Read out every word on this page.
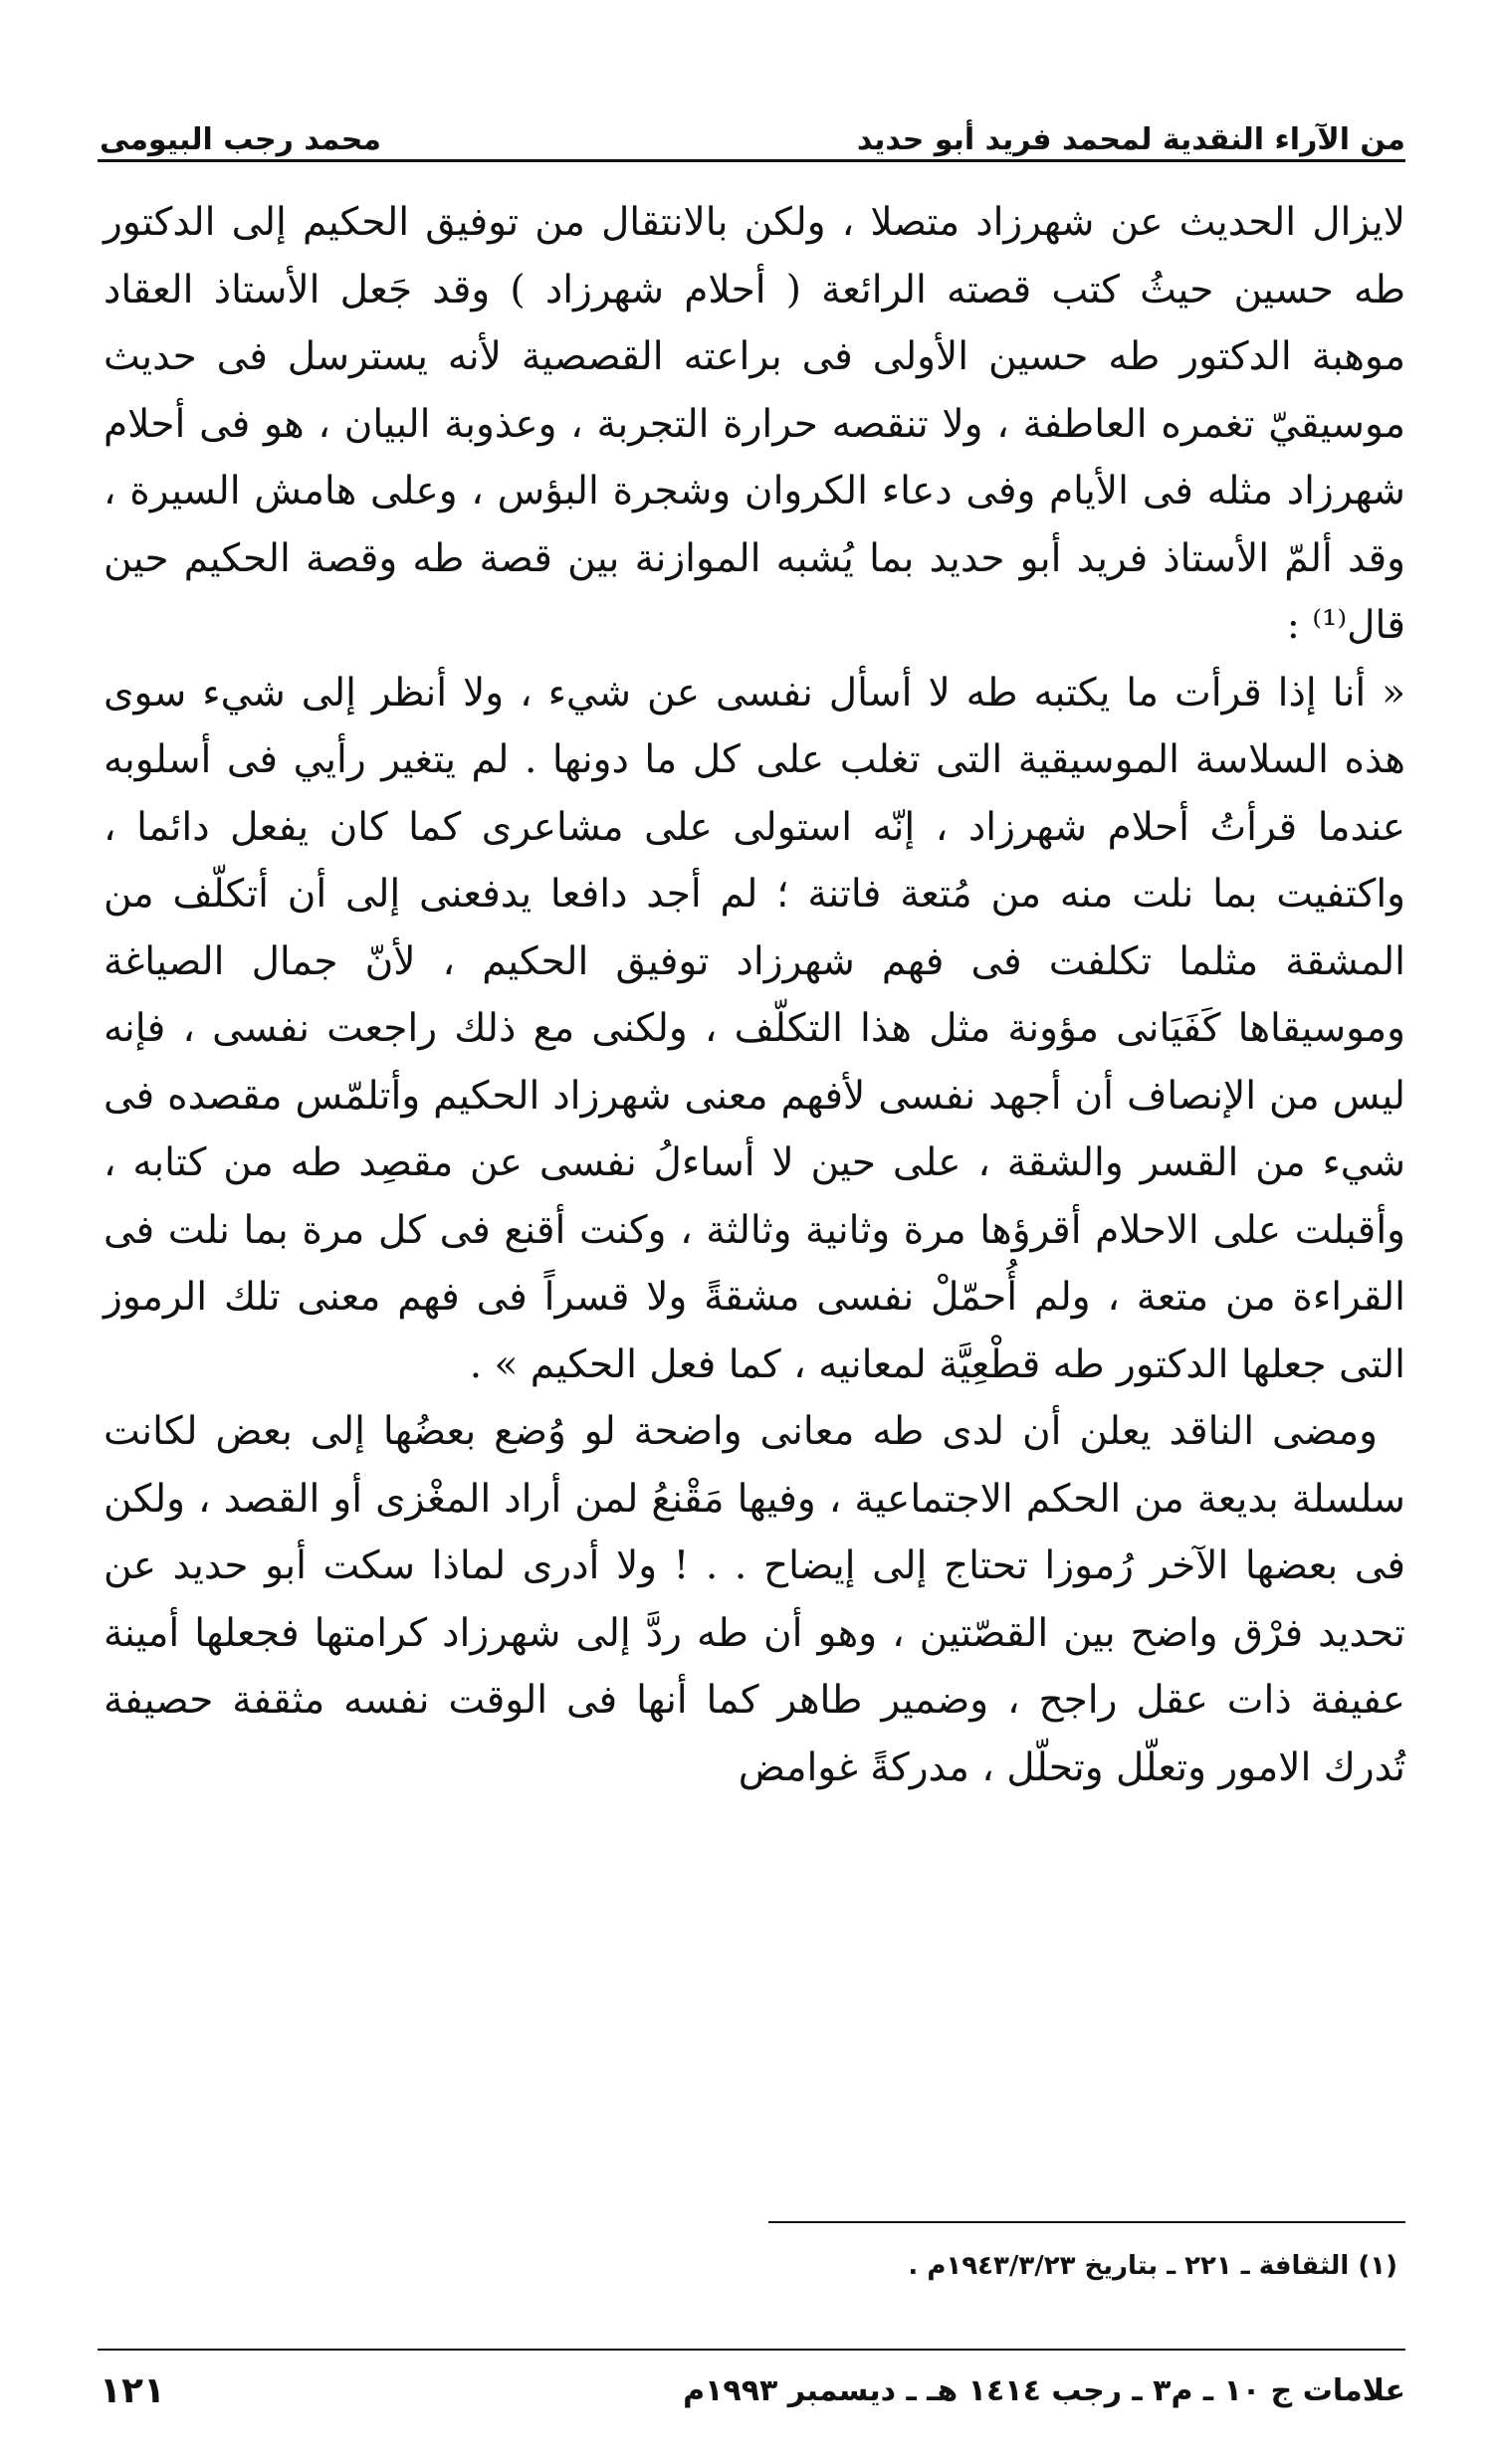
من الآراء النقدية لمحمد فريد أبو حديد
محمد رجب البيومى

لايزال الحديث عن شهرزاد متصلا ، ولكن بالانتقال من توفيق الحكيم إلى الدكتور طه حسين حيثُ كتب قصته الرائعة ( أحلام شهرزاد ) وقد جَعل الأستاذ العقاد موهبة الدكتور طه حسين الأولى فى براعته القصصية لأنه يسترسل فى حديث موسيقيّ تغمره العاطفة ، ولا تنقصه حرارة التجربة ، وعذوبة البيان ، هو فى أحلام شهرزاد مثله فى الأيام وفى دعاء الكروان وشجرة البؤس ، وعلى هامش السيرة ، وقد ألمّ الأستاذ فريد أبو حديد بما يُشبه الموازنة بين قصة طه وقصة الحكيم حين قال⁽¹⁾ :

« أنا إذا قرأت ما يكتبه طه لا أسأل نفسى عن شيء ، ولا أنظر إلى شيء سوى هذه السلاسة الموسيقية التى تغلب على كل ما دونها . لم يتغير رأيي فى أسلوبه عندما قرأتُ أحلام شهرزاد ، إنّه استولى على مشاعرى كما كان يفعل دائما ، واكتفيت بما نلت منه من مُتعة فاتنة ؛ لم أجد دافعا يدفعنى إلى أن أتكلّف من المشقة مثلما تكلفت فى فهم شهرزاد توفيق الحكيم ، لأنّ جمال الصياغة وموسيقاها كَفَيَانى مؤونة مثل هذا التكلّف ، ولكنى مع ذلك راجعت نفسى ، فإنه ليس من الإنصاف أن أجهد نفسى لأفهم معنى شهرزاد الحكيم وأتلمّس مقصده فى شيء من القسر والشقة ، على حين لا أساءلُ نفسى عن مقصِد طه من كتابه ، وأقبلت على الاحلام أقرؤها مرة وثانية وثالثة ، وكنت أقنع فى كل مرة بما نلت فى القراءة من متعة ، ولم أُحمّلْ نفسى مشقةً ولا قسراً فى فهم معنى تلك الرموز التى جعلها الدكتور طه قطْعِيَّة لمعانيه ، كما فعل الحكيم » .

ومضى الناقد يعلن أن لدى طه معانى واضحة لو وُضع بعضُها إلى بعض لكانت سلسلة بديعة من الحكم الاجتماعية ، وفيها مَقْنعُ لمن أراد المغْزى أو القصد ، ولكن فى بعضها الآخر رُموزا تحتاج إلى إيضاح . . ! ولا أدرى لماذا سكت أبو حديد عن تحديد فرْق واضح بين القصّتين ، وهو أن طه ردَّ إلى شهرزاد كرامتها فجعلها أمينة عفيفة ذات عقل راجح ، وضمير طاهر كما أنها فى الوقت نفسه مثقفة حصيفة تُدرك الامور وتعلّل وتحلّل ، مدركةً غوامض

(١) الثقافة ـ ٢٢١ ـ بتاريخ ١٩٤٣/٣/٢٣م .
علامات ج ١٠ ـ م٣ ـ رجب ١٤١٤ هـ ـ ديسمبر ١٩٩٣م
١٢١
